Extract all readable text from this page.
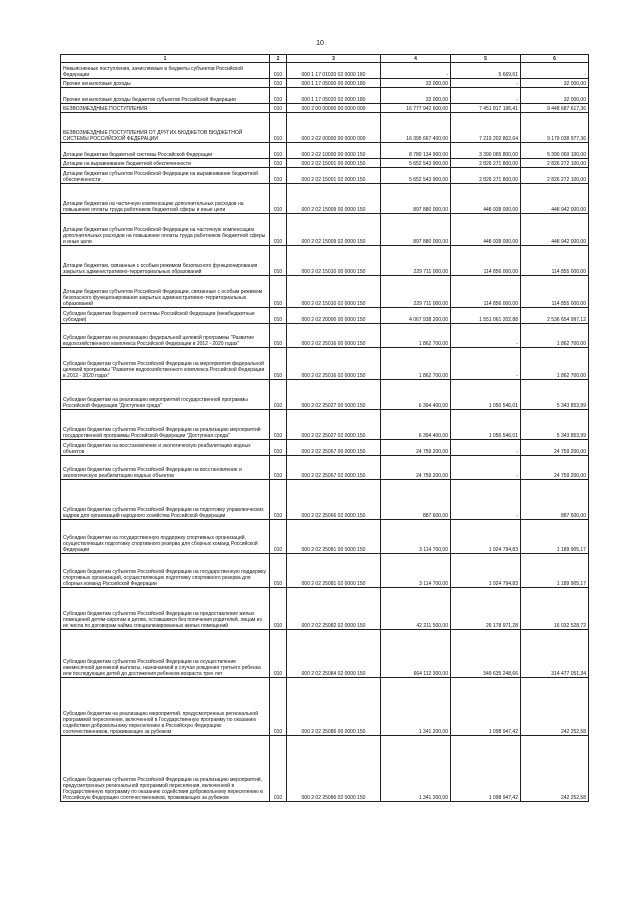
10
1	2	3	4	5	6
Невыясненные поступления, зачисляемые в бюджеты субъектов Российской Федерации	010	000 1 17 01020 02 0000 180	-	5 669,61	-
Прочие неналоговые доходы	010	000 1 17 05000 00 0000 180	32 000,00	-	32 000,00
Прочие неналоговые доходы бюджетов субъектов Российской Федерации	010	000 1 17 05020 02 0000 180	32 000,00	-	32 000,00
БЕЗВОЗМЕЗДНЫЕ ПОСТУПЛЕНИЯ	010	000 2 00 00000 00 0000 000	16 777 942 600,00	7 451 817 196,41	9 448 687 617,36
БЕЗВОЗМЕЗДНЫЕ ПОСТУПЛЕНИЯ ОТ ДРУГИХ БЮДЖЕТОВ БЮДЖЕТНОЙ СИСТЕМЫ РОССИЙСКОЙ ФЕДЕРАЦИИ	010	000 2 02 00000 00 0000 000	16 395 667 400,00	7 219 202 802,64	9 179 038 977,36
Дотации бюджетам бюджетной системы Российской Федерации	010	000 2 02 10000 00 0000 150	8 780 134 900,00	3 390 065 800,00	5 390 069 100,00
Дотации на выравнивание бюджетной обеспеченности	010	000 2 02 15001 00 0000 150	5 652 543 900,00	2 826 271 800,00	2 826 272 100,00
Дотации бюджетам субъектов Российской Федерации на выравнивание бюджетной обеспеченности	010	000 2 02 15001 02 0000 150	5 652 543 900,00	2 826 271 800,00	2 826 272 100,00
Дотации бюджетам на частичную компенсацию дополнительных расходов на повышение оплаты труда работников бюджетной сферы и иные цели	010	000 2 02 15009 00 0000 150	897 880 000,00	448 938 000,00	448 942 000,00
Дотации бюджетам субъектов Российской Федерации на частичную компенсацию дополнительных расходов на повышение оплаты труда работников бюджетной сферы и иные цели	010	000 2 02 15009 02 0000 150	897 880 000,00	448 938 000,00	448 942 000,00
Дотации бюджетам, связанные с особым режимом безопасного функционирования закрытых административно-территориальных образований	010	000 2 02 15010 00 0000 150	229 711 000,00	114 856 000,00	114 855 000,00
Дотации бюджетам субъектов Российской Федерации, связанные с особым режимом безопасного функционирования закрытых административно-территориальных образований	010	000 2 02 15010 02 0000 150	229 711 000,00	114 856 000,00	114 855 000,00
Субсидии бюджетам бюджетной системы Российской Федерации (межбюджетные субсидии)	010	000 2 02 20000 00 0000 150	4 067 938 200,00	1 551 061 202,88	2 536 654 997,12
Субсидии бюджетам на реализацию федеральной целевой программы "Развитие водохозяйственного комплекса Российской Федерации в 2012 - 2020 годах"	010	000 2 02 25016 00 0000 150	1 862 700,00	-	1 862 700,00
Субсидии бюджетам субъектов Российской Федерации на мероприятия федеральной целевой программы "Развитие водохозяйственного комплекса Российской Федерации в 2012 - 2020 годах"	010	000 2 02 25016 02 0000 150	1 862 700,00	-	1 862 700,00
Субсидии бюджетам на реализацию мероприятий государственной программы Российской Федерации "Доступная среда"	010	000 2 02 25027 00 0000 150	6 394 400,00	1 050 546,01	5 343 853,99
Субсидии бюджетам субъектов Российской Федерации на реализацию мероприятий государственной программы Российской Федерации "Доступная среда"	010	000 2 02 25027 02 0000 150	6 394 400,00	1 050 546,01	5 343 853,99
Субсидии бюджетам на восстановление и экологическую реабилитацию водных объектов	010	000 2 02 25067 00 0000 150	24 759 200,00	-	24 759 200,00
Субсидии бюджетам субъектов Российской Федерации на восстановление и экологическую реабилитацию водных объектов	010	000 2 02 25067 02 0000 150	24 759 200,00	-	24 759 200,00
Субсидии бюджетам субъектов Российской Федерации на подготовку управленческих кадров для организаций народного хозяйства Российской Федерации	010	000 2 02 25066 02 0000 150	887 600,00	-	887 600,00
Субсидии бюджетам на государственную поддержку спортивных организаций, осуществляющих подготовку спортивного резерва для сборных команд Российской Федерации	010	000 2 02 25081 00 0000 150	3 114 700,00	1 924 794,83	1 189 905,17
Субсидии бюджетам субъектов Российской Федерации на государственную поддержку спортивных организаций, осуществляющих подготовку спортивного резерва для сборных команд Российской Федерации	010	000 2 02 25081 02 0000 150	3 114 700,00	1 924 794,83	1 189 905,17
Субсидии бюджетам субъектов Российской Федерации на предоставление жилых помещений детям-сиротам и детям, оставшимся без попечения родителей, лицам из их числа по договорам найма специализированных жилых помещений	010	000 2 02 25082 02 0000 150	42 211 500,00	26 178 971,28	16 032 528,72
Субсидии бюджетам субъектов Российской Федерации на осуществление ежемесячной денежной выплаты, назначаемой в случае рождения третьего ребенка или последующих детей до достижения ребенком возраста трех лет	010	000 2 02 25084 02 0000 150	664 112 300,00	349 635 248,66	314 477 051,34
Субсидии бюджетам на реализацию мероприятий, предусмотренных региональной программой переселения, включенной в Государственную программу по оказанию содействия добровольному переселению в Российскую Федерацию соотечественников, проживающих за рубежом	010	000 2 02 25086 00 0000 150	1 341 200,00	1 098 947,42	242 252,58
Субсидии бюджетам субъектов Российской Федерации на реализацию мероприятий, предусмотренных региональной программой переселения, включенной в Государственную программу по оказанию содействия добровольному переселению в Российскую Федерацию соотечественников, проживающих за рубежом	010	000 2 02 25086 02 0000 150	1 341 200,00	1 098 947,42	242 252,58
